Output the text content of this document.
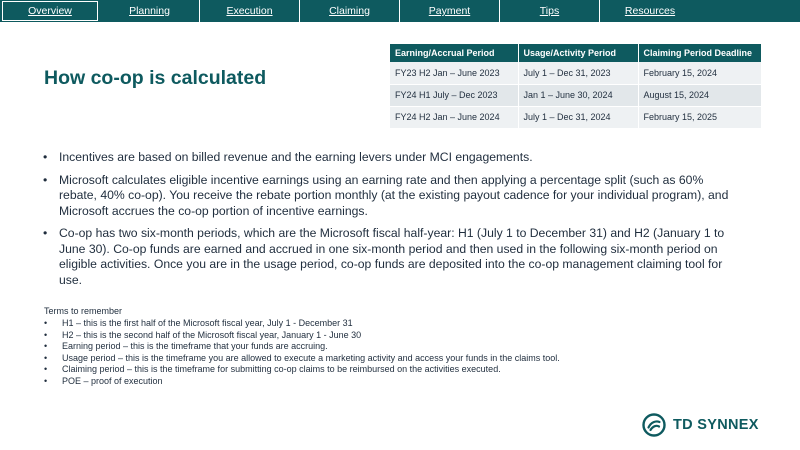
Overview	Planning	Execution	Claiming	Payment	Tips	Resources
How co-op is calculated
Earning/Accrual Period	Usage/Activity Period	Claiming Period Deadline
FY23 H2 Jan – June 2023	July 1 – Dec 31, 2023	February 15, 2024
FY24 H1 July – Dec 2023	Jan 1 – June 30, 2024	August 15, 2024
FY24 H2 Jan – June 2024	July 1 – Dec 31, 2024	February 15, 2025
• Incentives are based on billed revenue and the earning levers under MCI engagements.
• Microsoft calculates eligible incentive earnings using an earning rate and then applying a percentage split (such as 60% rebate, 40% co-op). You receive the rebate portion monthly (at the existing payout cadence for your individual program), and Microsoft accrues the co-op portion of incentive earnings.
• Co-op has two six-month periods, which are the Microsoft fiscal half-year: H1 (July 1 to December 31) and H2 (January 1 to June 30). Co-op funds are earned and accrued in one six-month period and then used in the following six-month period on eligible activities. Once you are in the usage period, co-op funds are deposited into the co-op management claiming tool for use.
Terms to remember
• H1 – this is the first half of the Microsoft fiscal year, July 1 - December 31
• H2 – this is the second half of the Microsoft fiscal year, January 1 - June 30
• Earning period – this is the timeframe that your funds are accruing.
• Usage period – this is the timeframe you are allowed to execute a marketing activity and access your funds in the claims tool.
• Claiming period – this is the timeframe for submitting co-op claims to be reimbursed on the activities executed.
• POE – proof of execution
TD SYNNEX
